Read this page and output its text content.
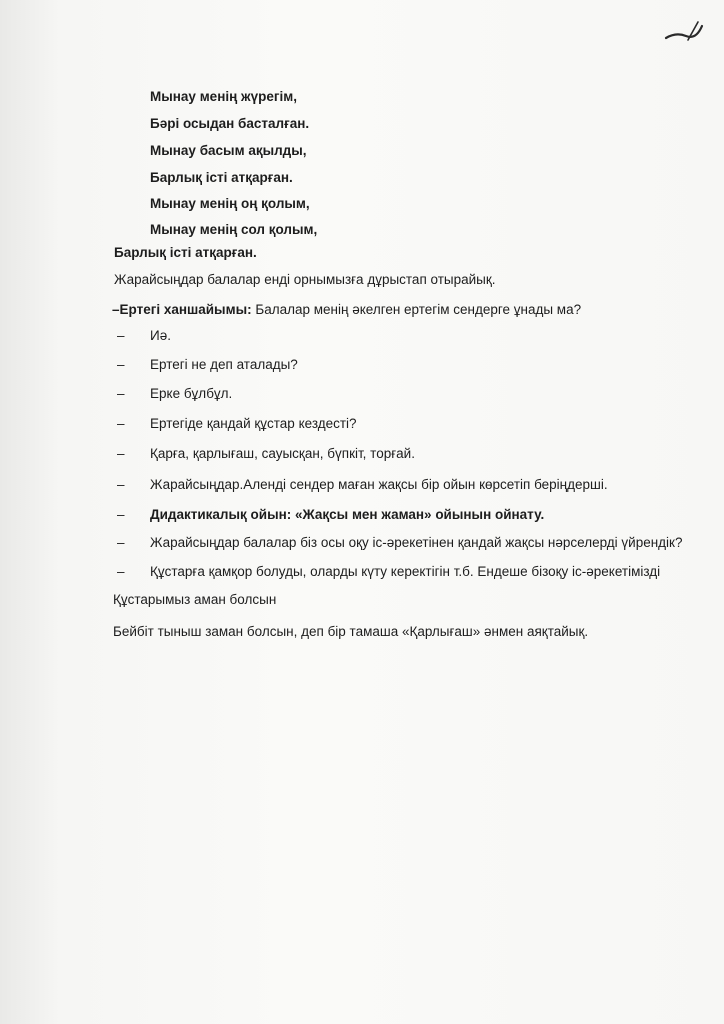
Мынау менің жүрегім,
Бәрі осыдан басталған.
Мынау басым ақылды,
Барлық істі атқарған.
Мынау менің оң қолым,
Мынау менің сол қолым,
Барлық істі атқарған.
Жарайсыңдар балалар енді орнымызға дұрыстап отырайық.
–Ертегі ханшайымы: Балалар менің әкелген ертегім сендерге ұнады ма?
– Иә.
– Ертегі не деп аталады?
– Ерке бұлбұл.
– Ертегіде қандай құстар кездесті?
– Қарға, қарлығаш, сауысқан, бүпкіт, торғай.
– Жарайсыңдар.Аленді сендер маған жақсы бір ойын көрсетіп беріңдерші.
– Дидактикалық ойын: «Жақсы мен жаман» ойынын ойнату.
– Жарайсыңдар балалар біз осы оқу іс-әрекетінен қандай жақсы нәрселерді үйрендік?
– Құстарға қамқор болуды, оларды күту керектігін т.б. Ендеше бізоқу іс-әрекетімізді
Құстарымыз аман болсын
Бейбіт тыныш заман болсын, деп бір тамаша «Қарлығаш» әнмен аяқтайық.
